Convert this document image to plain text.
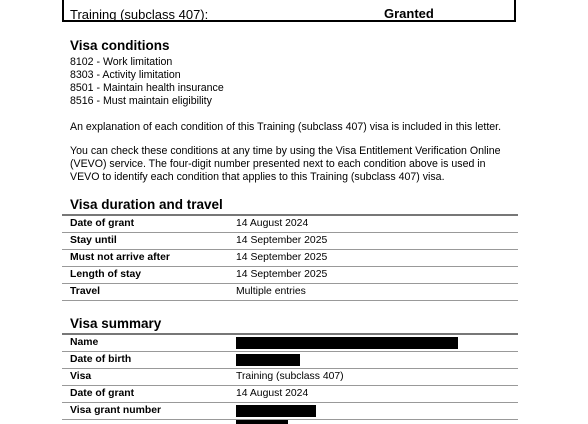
Training (subclass 407):	Granted
Visa conditions
8102 - Work limitation
8303 - Activity limitation
8501 - Maintain health insurance
8516 - Must maintain eligibility
An explanation of each condition of this Training (subclass 407) visa is included in this letter.
You can check these conditions at any time by using the Visa Entitlement Verification Online
(VEVO) service. The four-digit number presented next to each condition above is used in
VEVO to identify each condition that applies to this Training (subclass 407) visa.
Visa duration and travel
Date of grant	14 August 2024
Stay until	14 September 2025
Must not arrive after	14 September 2025
Length of stay	14 September 2025
Travel	Multiple entries
Visa summary
Name
Date of birth
Visa	Training (subclass 407)
Date of grant	14 August 2024
Visa grant number
